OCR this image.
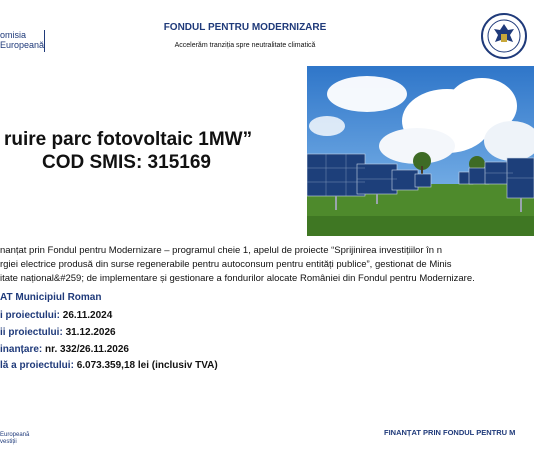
omisia
Europeană
FONDUL PENTRU MODERNIZARE
Accelerăm tranziția spre neutralitate climatică
ruire parc fotovoltaic 1MW”
COD SMIS: 315169
nanțat prin Fondul pentru Modernizare – programul cheie 1, apelul de proiecte “Sprijinirea investițiilor în n
rgiei electrice produsă din surse regenerabile pentru autoconsum pentru entități publice”, gestionat de Minis
itate național&#259; de implementare și gestionare a fondurilor alocate României din Fondul pentru Modernizare.
AT Municipiul Roman
i proiectului: 26.11.2024
ii proiectului: 31.12.2026
inanțare: nr. 332/26.11.2026
lă a proiectului: 6.073.359,18 lei (inclusiv TVA)
Europeană
vestiții
FINANȚAT PRIN FONDUL PENTRU M
